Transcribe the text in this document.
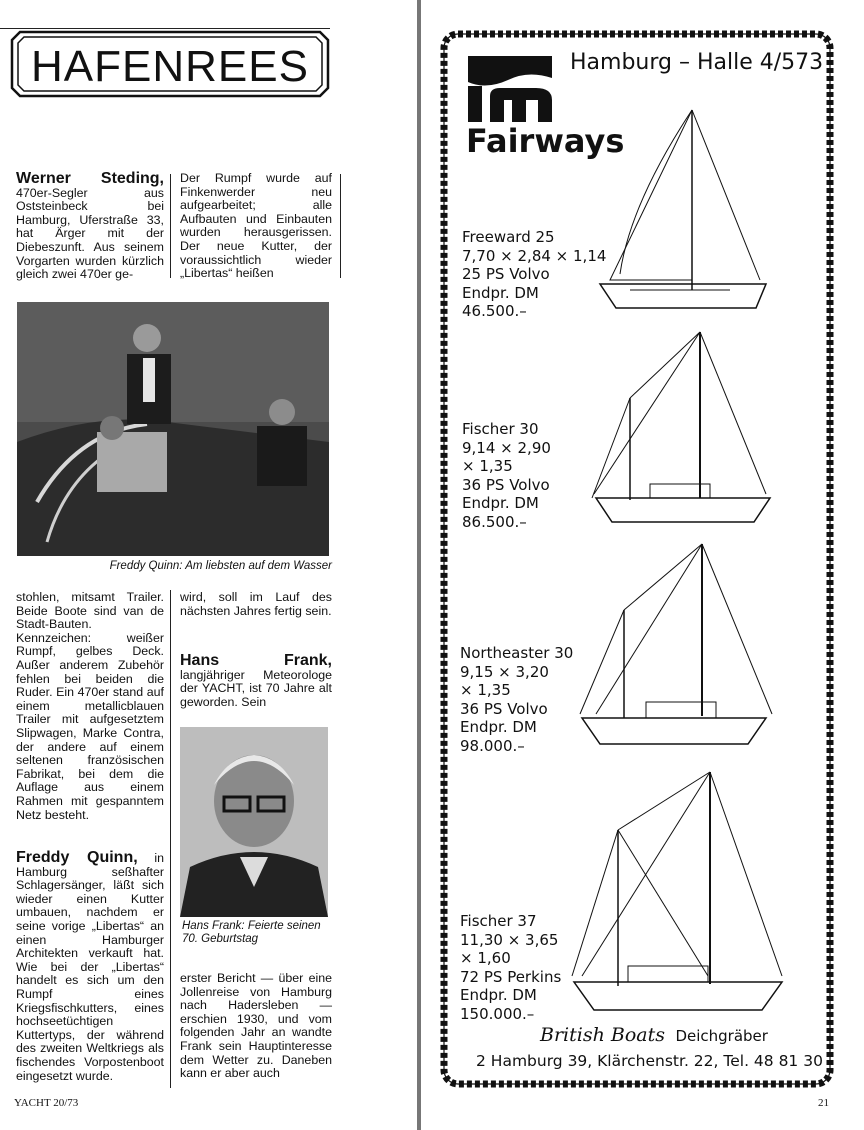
HAFENREES
Werner Steding, 470er-Segler aus Oststeinbeck bei Hamburg, Uferstraße 33, hat Ärger mit der Diebeszunft. Aus seinem Vorgarten wurden kürzlich gleich zwei 470er ge-
Der Rumpf wurde auf Finkenwerder neu aufgearbeitet; alle Aufbauten und Einbauten wurden herausgerissen. Der neue Kutter, der voraussichtlich wieder „Libertas“ heißen
Freddy Quinn: Am liebsten auf dem Wasser
stohlen, mitsamt Trailer. Beide Boote sind van de Stadt-Bauten. Kennzeichen: weißer Rumpf, gelbes Deck. Außer anderem Zubehör fehlen bei beiden die Ruder. Ein 470er stand auf einem metallicblauen Trailer mit aufgesetztem Slipwagen, Marke Contra, der andere auf einem seltenen französischen Fabrikat, bei dem die Auflage aus einem Rahmen mit gespanntem Netz besteht.
Freddy Quinn, in Hamburg seßhafter Schlagersänger, läßt sich wieder einen Kutter umbauen, nachdem er seine vorige „Libertas“ an einen Hamburger Architekten verkauft hat. Wie bei der „Libertas“ handelt es sich um den Rumpf eines Kriegsfischkutters, eines hochseetüchtigen Kuttertyps, der während des zweiten Weltkriegs als fischendes Vorpostenboot eingesetzt wurde.
wird, soll im Lauf des nächsten Jahres fertig sein.
Hans Frank, langjähriger Meteorologe der YACHT, ist 70 Jahre alt geworden. Sein
Hans Frank: Feierte seinen 70. Geburtstag
erster Bericht — über eine Jollenreise von Hamburg nach Hadersleben — erschien 1930, und vom folgenden Jahr an wandte Frank sein Hauptinteresse dem Wetter zu. Daneben kann er aber auch
YACHT 20/73
Fairways
Hamburg – Halle 4/573
Freeward 25
7,70 × 2,84 × 1,14
25 PS Volvo
Endpr. DM
46.500.–
Fischer 30
9,14 × 2,90
× 1,35
36 PS Volvo
Endpr. DM
86.500.–
Northeaster 30
9,15 × 3,20
× 1,35
36 PS Volvo
Endpr. DM
98.000.–
Fischer 37
11,30 × 3,65
× 1,60
72 PS Perkins
Endpr. DM
150.000.–
British Boats Deichgräber
2 Hamburg 39, Klärchenstr. 22, Tel. 48 81 30
21
